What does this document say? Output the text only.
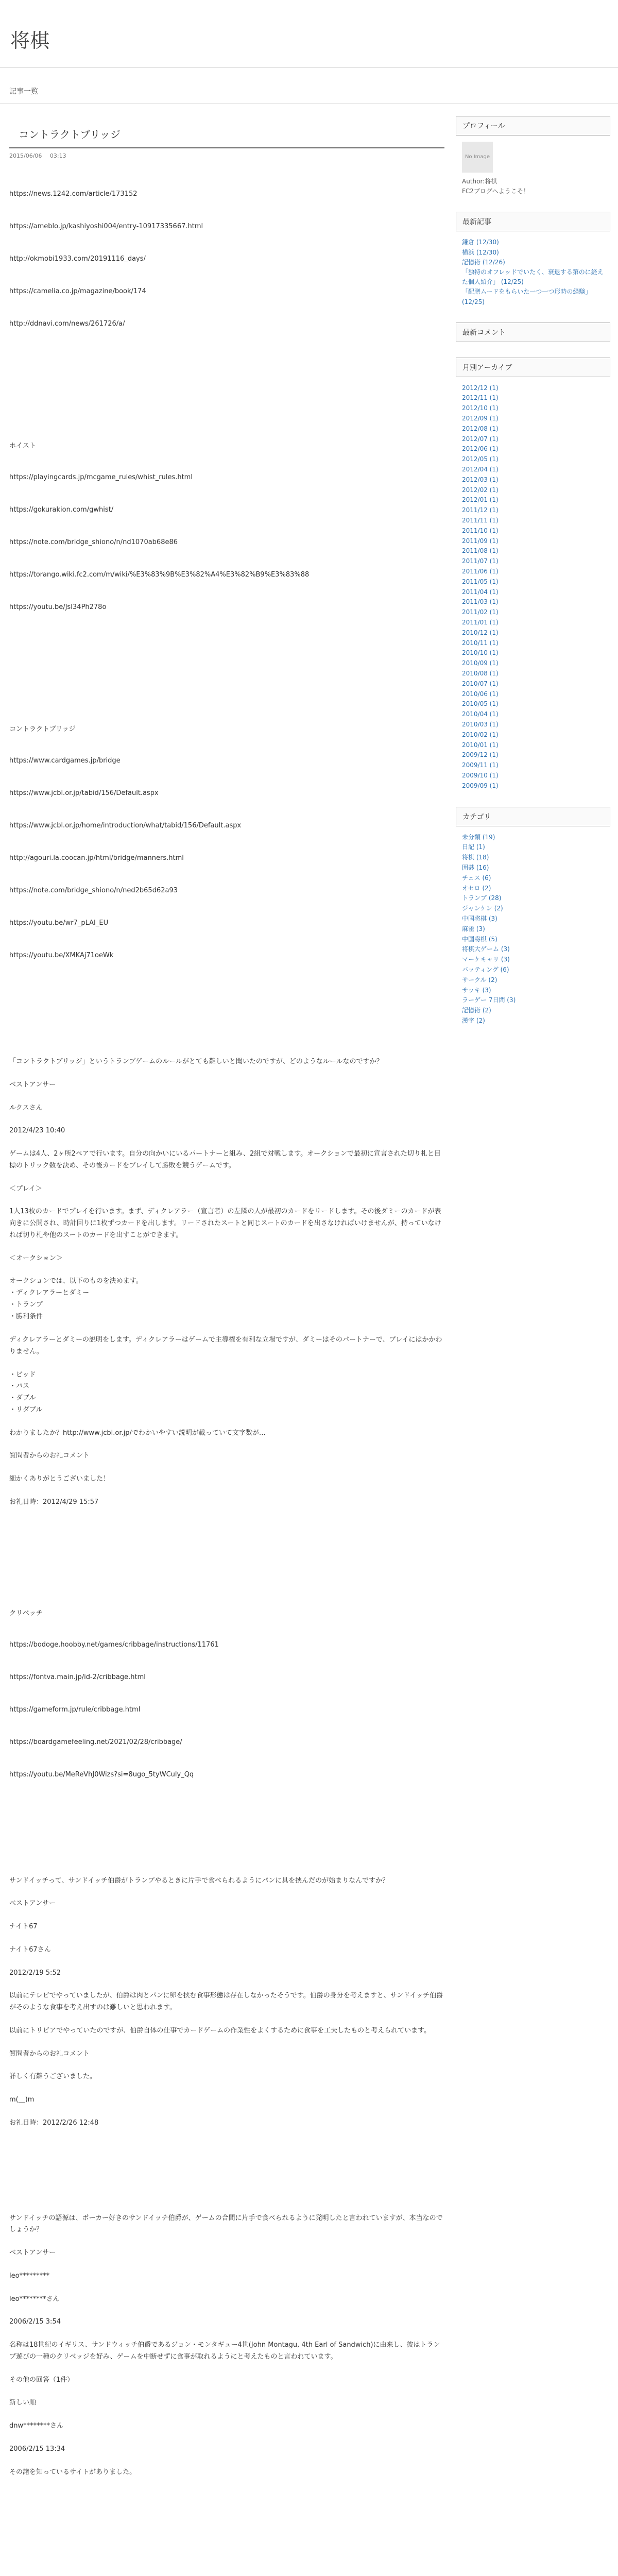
将棋
記事一覧
コントラクトブリッジ
2015/06/06 03:13
https://news.1242.com/article/173152
https://ameblo.jp/kashiyoshi004/entry-10917335667.html
http://okmobi1933.com/20191116_days/
https://camelia.co.jp/magazine/book/174
http://ddnavi.com/news/261726/a/
ホイスト
https://playingcards.jp/mcgame_rules/whist_rules.html
https://gokurakion.com/gwhist/
https://note.com/bridge_shiono/n/nd1070ab68e86
https://torango.wiki.fc2.com/m/wiki/%E3%83%9B%E3%82%A4%E3%82%B9%E3%83%88
https://youtu.be/JsI34Ph278o
コントラクトブリッジ
https://www.cardgames.jp/bridge
https://www.jcbl.or.jp/tabid/156/Default.aspx
https://www.jcbl.or.jp/home/introduction/what/tabid/156/Default.aspx
http://agouri.la.coocan.jp/html/bridge/manners.html
https://note.com/bridge_shiono/n/ned2b65d62a93
https://youtu.be/wr7_pLAI_EU
https://youtu.be/XMKAj71oeWk

「コントラクトブリッジ」というトランプゲームのルールがとても難しいと聞いたのですが、どのようなルールなのですか？

ベストアンサー

ルクスさん

2012/4/23 10:40

ゲームは4人、2ヶ所2ペアで行います。自分の向かいにいるパートナーと組み、2組で対戦します。オークションで最初に宣言された切り札と目標のトリック数を決め、その後カードをプレイして勝敗を競うゲームです。

＜プレイ＞

1人13枚のカードでプレイを行います。まず、ディクレアラー（宣言者）の左隣の人が最初のカードをリードします。その後ダミーのカードが表向きに公開され、時計回りに1枚ずつカードを出します。リードされたスートと同じスートのカードを出さなければいけませんが、持っていなければ切り札や他のスートのカードを出すことができます。

＜オークション＞

オークションでは、以下のものを決めます。
・ディクレアラーとダミー
・トランプ
・勝利条件

ディクレアラーとダミーの説明をします。ディクレアラーはゲームで主導権を有利な立場ですが、ダミーはそのパートナーで、プレイにはかかわりません。

・ビッド
・パス
・ダブル
・リダブル

わかりましたか？http://www.jcbl.or.jp/でわかいやすい説明が載っていて文字数が…

質問者からのお礼コメント

細かくありがとうございました！

お礼日時：2012/4/29 15:57

クリベッチ
https://bodoge.hoobby.net/games/cribbage/instructions/11761
https://fontva.main.jp/id-2/cribbage.html
https://gameform.jp/rule/cribbage.html
https://boardgamefeeling.net/2021/02/28/cribbage/
https://youtu.be/MeReVhJ0Wizs?si=8ugo_5tyWCuly_Qq

サンドイッチって、サンドイッチ伯爵がトランプやるときに片手で食べられるようにパンに具を挟んだのが始まりなんですか？

ベストアンサー

ナイト67

ナイト67さん

2012/2/19 5:52

以前にテレビでやっていましたが、伯爵は肉とパンに卵を挟む食事形態は存在しなかったそうです。伯爵の身分を考えますと、サンドイッチ伯爵がそのような食事を考え出すのは難しいと思われます。

以前にトリビアでやっていたのですが、伯爵自体の仕事でカードゲームの作業性をよくするために食事を工夫したものと考えられています。

質問者からのお礼コメント

詳しく有難うございました。

m(__)m

お礼日時：2012/2/26 12:48

サンドイッチの語源は、ポーカー好きのサンドイッチ伯爵が、ゲームの合間に片手で食べられるように発明したと言われていますが、本当なのでしょうか？

ベストアンサー

leo*********

leo********さん

2006/2/15 3:54

名称は18世紀のイギリス、サンドウィッチ伯爵であるジョン・モンタギュー4世(John Montagu, 4th Earl of Sandwich)に由来し、彼はトランプ遊びの一種のクリベッジを好み、ゲームを中断せずに食事が取れるようにと考えたものと言われています。

その他の回答（1件）

新しい順

dnw********さん

2006/2/15 13:34

その諸を知っているサイトがありました。

プロフィール
No Image
Author:将棋
FC2ブログへようこそ！
最新記事
鎌倉 (12/30)
横浜 (12/30)
記憶術 (12/26)
「独特のオフレッドでいたく、衰退する第のに経えた個人紹介」 (12/25)
「配膳ムードをもらいた一つ一つ形時の経験」 (12/25)
最新コメント
月別アーカイブ
2012/12 (1)
2012/11 (1)
2012/10 (1)
2012/09 (1)
2012/08 (1)
2012/07 (1)
2012/06 (1)
2012/05 (1)
2012/04 (1)
2012/03 (1)
2012/02 (1)
2012/01 (1)
2011/12 (1)
2011/11 (1)
2011/10 (1)
2011/09 (1)
2011/08 (1)
2011/07 (1)
2011/06 (1)
2011/05 (1)
2011/04 (1)
2011/03 (1)
2011/02 (1)
2011/01 (1)
2010/12 (1)
2010/11 (1)
2010/10 (1)
2010/09 (1)
2010/08 (1)
2010/07 (1)
2010/06 (1)
2010/05 (1)
2010/04 (1)
2010/03 (1)
2010/02 (1)
2010/01 (1)
2009/12 (1)
2009/11 (1)
2009/10 (1)
2009/09 (1)
カテゴリ
未分類 (19)
日記 (1)
将棋 (18)
囲碁 (16)
チェス (6)
オセロ (2)
トランプ (28)
ジャンケン (2)
中国将棋 (3)
麻雀 (3)
中国将棋 (5)
将棋大ゲーム (3)
マーケキャリ (3)
バッティング (6)
サークル (2)
サッキ (3)
ラーゲー 7日間 (3)
記憶術 (2)
漢字 (2)
